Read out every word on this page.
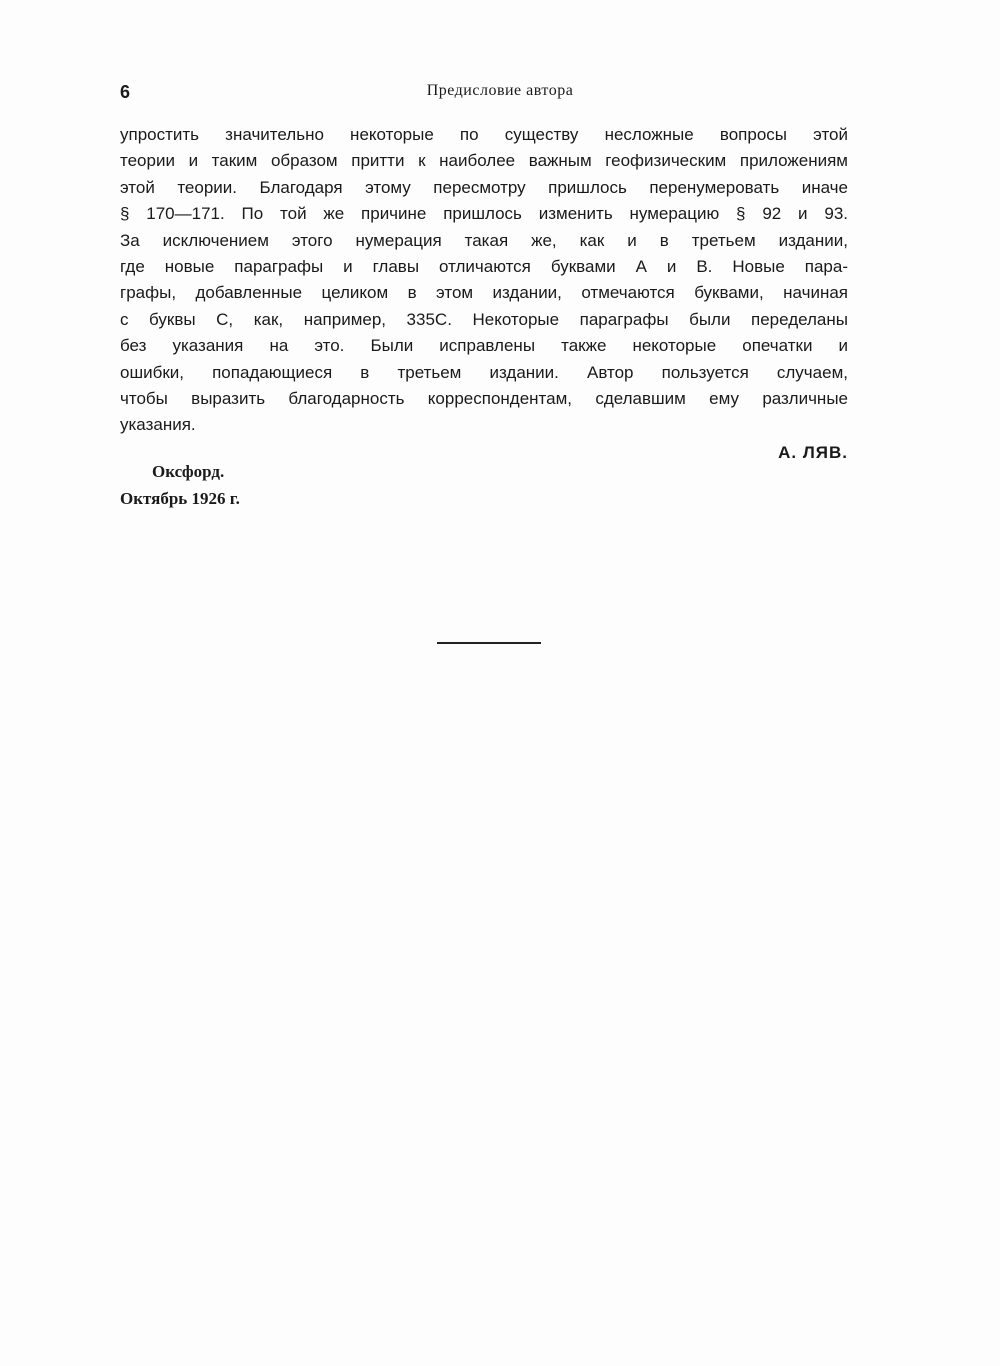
6	Предисловие автора
упростить значительно некоторые по существу несложные вопросы этой
теории и таким образом притти к наиболее важным геофизическим приложениям
этой теории. Благодаря этому пересмотру пришлось перенумеровать иначе
§ 170—171. По той же причине пришлось изменить нумерацию § 92 и 93.
За исключением этого нумерация такая же, как и в третьем издании,
где новые параграфы и главы отличаются буквами А и В. Новые пара-
графы, добавленные целиком в этом издании, отмечаются буквами, начиная
с буквы С, как, например, 335С. Некоторые параграфы были переделаны
без указания на это. Были исправлены также некоторые опечатки и
ошибки, попадающиеся в третьем издании. Автор пользуется случаем,
чтобы выразить благодарность корреспондентам, сделавшим ему различные
указания.
А. ЛЯВ.
Оксфорд.
Октябрь 1926 г.
